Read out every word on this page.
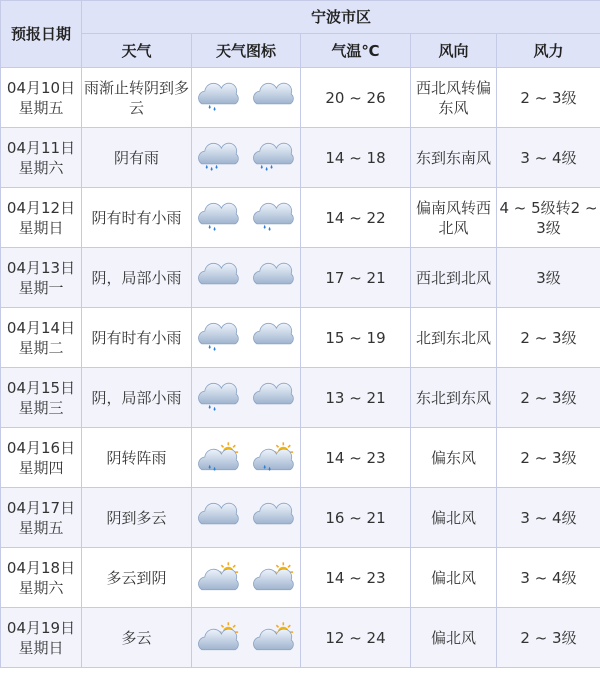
预报日期	宁波市区				
	天气	天气图标	气温℃	风向	风力

04月10日
星期五	雨渐止转阴到多云		20 ~ 26	西北风转偏东风	2 ~ 3级

04月11日
星期六	阴有雨		14 ~ 18	东到东南风	3 ~ 4级

04月12日
星期日	阴有时有小雨		14 ~ 22	偏南风转西北风	4 ~ 5级转2 ~ 3级

04月13日
星期一	阴，局部小雨		17 ~ 21	西北到北风	3级

04月14日
星期二	阴有时有小雨		15 ~ 19	北到东北风	2 ~ 3级

04月15日
星期三	阴，局部小雨		13 ~ 21	东北到东风	2 ~ 3级

04月16日
星期四	阴转阵雨		14 ~ 23	偏东风	2 ~ 3级

04月17日
星期五	阴到多云		16 ~ 21	偏北风	3 ~ 4级

04月18日
星期六	多云到阴		14 ~ 23	偏北风	3 ~ 4级

04月19日
星期日	多云		12 ~ 24	偏北风	2 ~ 3级
